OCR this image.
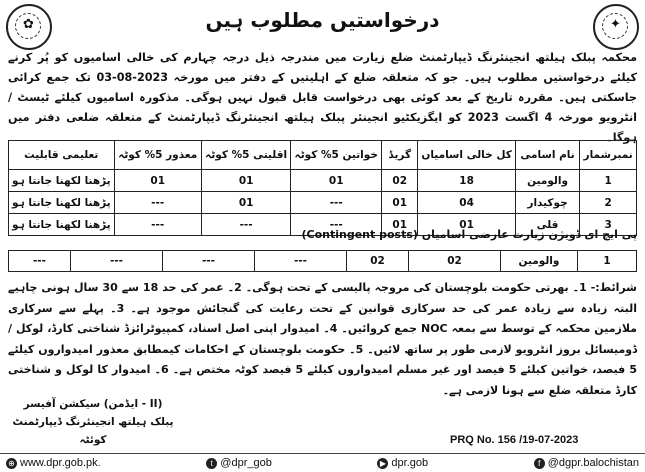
✿	✦
درخواستیں مطلوب ہیں
محکمہ پبلک ہیلتھ انجینئرنگ ڈیپارٹمنٹ ضلع زیارت میں مندرجہ ذیل درجہ چہارم کی خالی اسامیوں کو پُر کرنے کیلئے درخواستیں مطلوب ہیں۔ جو کہ متعلقہ ضلع کے اہلیتیں کے دفتر میں مورخہ 2023-08-03 تک جمع کرائی جاسکتی ہیں۔ مقررہ تاریخ کے بعد کوئی بھی درخواست قابل قبول نہیں ہوگی۔ مذکورہ اسامیوں کیلئے ٹیسٹ / انٹرویو مورخہ 4 اگست 2023 کو ایگزیکٹیو انجینئر پبلک ہیلتھ انجینئرنگ ڈیپارٹمنٹ کے متعلقہ ضلعی دفتر میں ہوگا۔
نمبرشمار	نام اسامی	کل خالی اسامیاں	گریڈ	خواتین 5% کوٹہ	اقلیتی 5% کوٹہ	معذور 5% کوٹہ	تعلیمی قابلیت
1	والومین	18	02	01	01	01	پڑھنا لکھنا جانتا ہو
2	چوکیدار	04	01	---	01	---	پڑھنا لکھنا جانتا ہو
3	قلی	01	01	---	---	---	پڑھنا لکھنا جانتا ہو
پی ایچ ای ڈویژن زیارت عارضی اسامیاں (Contingent posts)
1	والومین	02	02	---	---	---	---
شرائط:- 1۔ بھرتی حکومت بلوچستان کی مروجہ پالیسی کے تحت ہوگی۔ 2۔ عمر کی حد 18 سے 30 سال ہونی چاہیے البتہ زیادہ سے زیادہ عمر کی حد سرکاری قوانین کے تحت رعایت کی گنجائش موجود ہے۔ 3۔ پہلے سے سرکاری ملازمین محکمہ کے توسط سے بمعہ NOC جمع کروائیں۔ 4۔ امیدوار اپنی اصل اسناد، کمپیوٹرائزڈ شناختی کارڈ، لوکل / ڈومیسائل بروز انٹرویو لازمی طور پر ساتھ لائیں۔ 5۔ حکومت بلوچستان کے احکامات کیمطابق معذور امیدواروں کیلئے 5 فیصد، خواتین کیلئے 5 فیصد اور غیر مسلم امیدواروں کیلئے 5 فیصد کوٹہ مختص ہے۔ 6۔ امیدوار کا لوکل و شناختی کارڈ متعلقہ ضلع سے ہونا لازمی ہے۔
سیکشن آفیسر (ایڈمن - II)
پبلک ہیلتھ انجینئرنگ ڈیپارٹمنٹ کوئٹہ	PRQ No. 156 /19-07-2023
⊕ www.dpr.gob.pk.	t @dpr_gob	▶ dpr.gob	f @dgpr.balochistan
